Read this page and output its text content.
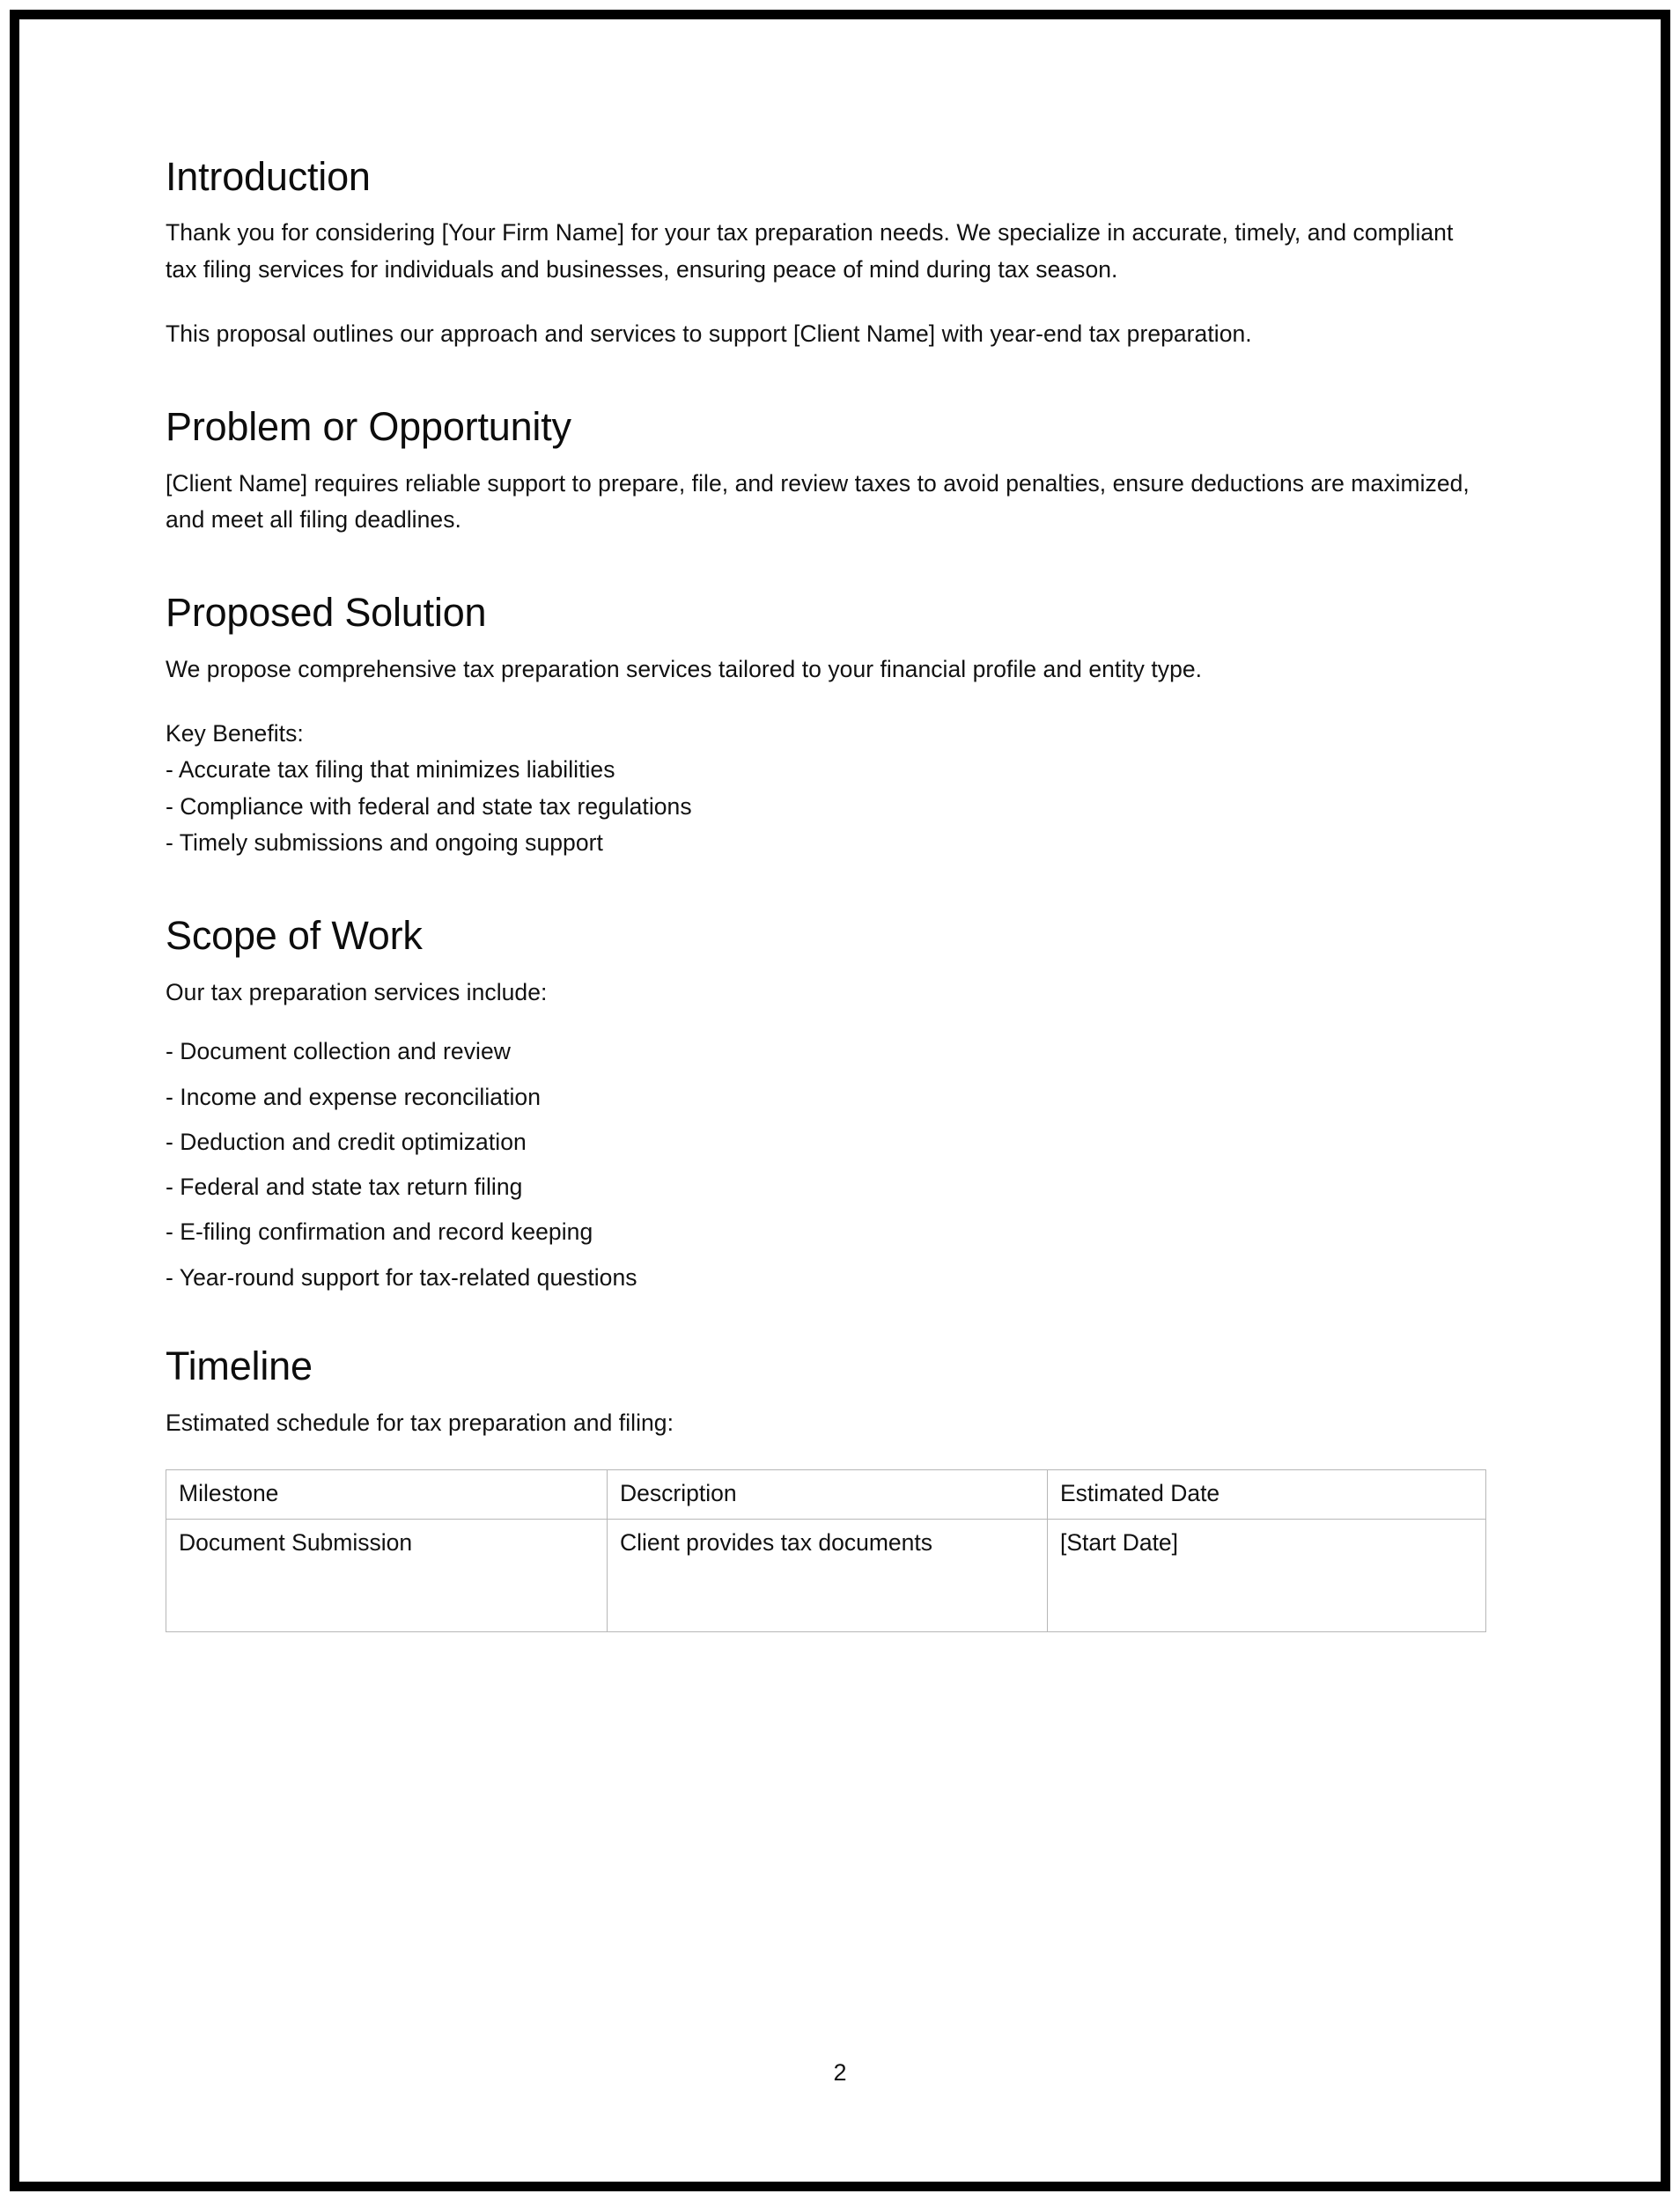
Introduction

Thank you for considering [Your Firm Name] for your tax preparation needs. We specialize in accurate, timely, and compliant tax filing services for individuals and businesses, ensuring peace of mind during tax season.

This proposal outlines our approach and services to support [Client Name] with year-end tax preparation.

Problem or Opportunity

[Client Name] requires reliable support to prepare, file, and review taxes to avoid penalties, ensure deductions are maximized, and meet all filing deadlines.

Proposed Solution

We propose comprehensive tax preparation services tailored to your financial profile and entity type.

Key Benefits:
- Accurate tax filing that minimizes liabilities
- Compliance with federal and state tax regulations
- Timely submissions and ongoing support
Scope of Work

Our tax preparation services include:

- Document collection and review
- Income and expense reconciliation
- Deduction and credit optimization
- Federal and state tax return filing
- E-filing confirmation and record keeping
- Year-round support for tax-related questions
Timeline

Estimated schedule for tax preparation and filing:

Milestone	Description	Estimated Date
Document Submission	Client provides tax documents	[Start Date]
2
